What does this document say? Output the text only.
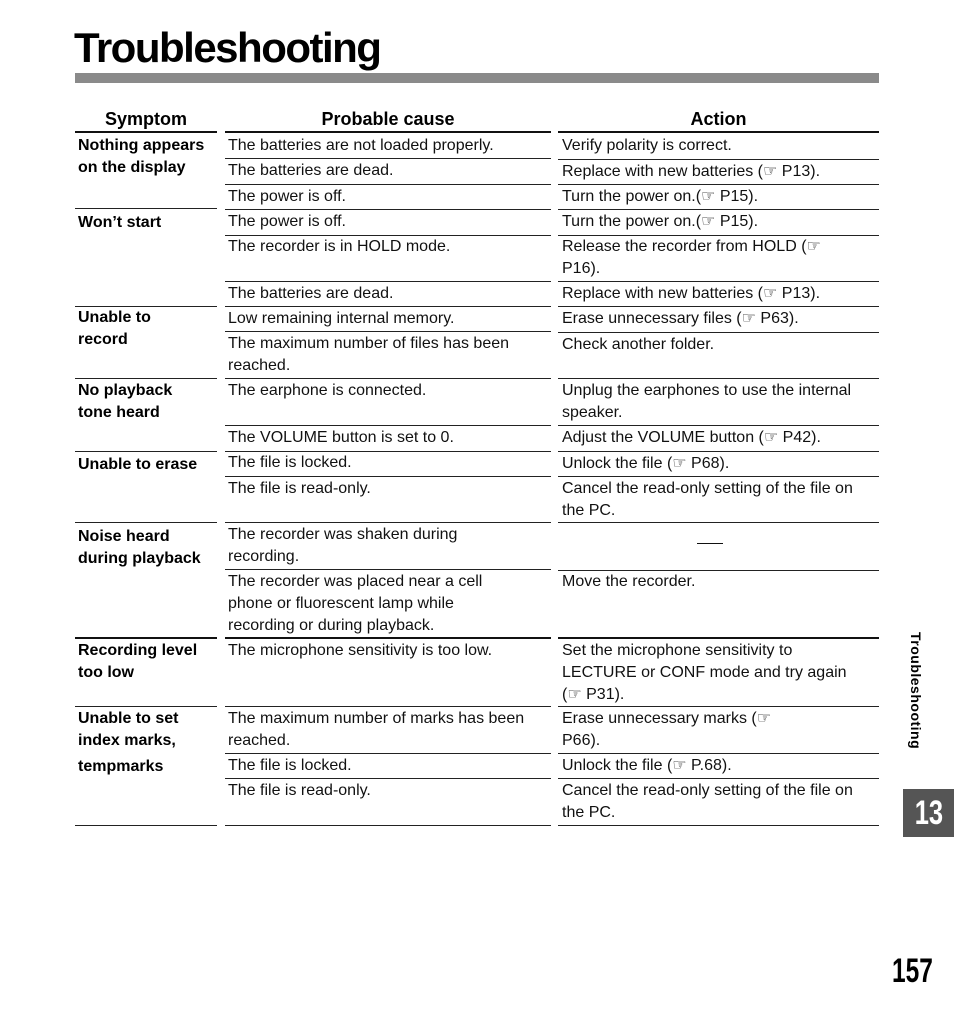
Troubleshooting
Symptom	Probable cause	Action
Nothing appears on the display
Won’t start
Unable to record
No playback tone heard
Unable to erase
Noise heard during playback
Recording level too low
Unable to set index marks,
tempmarks
The batteries are not loaded properly.
The batteries are dead.
The power is off.
The power is off.
The recorder is in HOLD mode.
The batteries are dead.
Low remaining internal memory.
The maximum number of files has been reached.
The earphone is connected.
The VOLUME button is set to 0.
The file is locked.
The file is read-only.
The recorder was shaken during recording.
The recorder was placed near a cell phone or fluorescent lamp while recording or during playback.
The microphone sensitivity is too low.
The maximum number of marks has been reached.
The file is locked.
The file is read-only.
Verify polarity is correct.
Replace with new batteries (☞ P13).
Turn the power on.(☞ P15).
Turn the power on.(☞ P15).
Release the recorder from HOLD (☞ P16).
Replace with new batteries (☞ P13).
Erase unnecessary files (☞ P63).
Check another folder.
Unplug the earphones to use the internal speaker.
Adjust the VOLUME button (☞ P42).
Unlock the file (☞ P68).
Cancel the read-only setting of the file on the PC.
Move the recorder.
Set the microphone sensitivity to LECTURE or CONF mode and try again (☞ P31).
Erase unnecessary marks (☞ P66).
Unlock the file (☞ P.68).
Cancel the read-only setting of the file on the PC.
Troubleshooting
13
157
